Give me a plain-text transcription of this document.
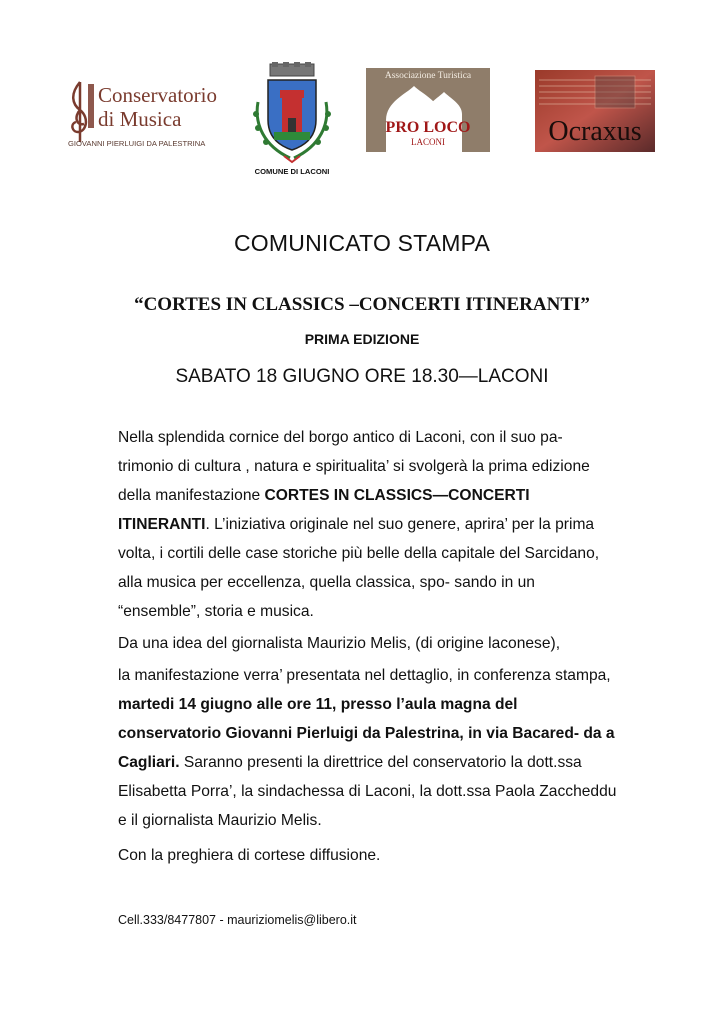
Conservatorio
di Musica
GIOVANNI PIERLUIGI DA PALESTRINA
COMUNE DI LACONI
Associazione Turistica
PRO LOCO
LACONI	Ocraxus
COMUNICATO STAMPA
“CORTES IN CLASSICS –CONCERTI ITINERANTI”
PRIMA EDIZIONE
SABATO 18 GIUGNO ORE 18.30—LACONI

Nella splendida cornice del borgo antico di Laconi, con il suo pa- trimonio di cultura , natura e spiritualita’ si svolgerà la prima edizione della manifestazione CORTES IN CLASSICS—CONCERTI ITINERANTI. L’iniziativa originale nel suo genere, aprira’ per la prima volta, i cortili delle case storiche più belle della capitale del Sarcidano, alla musica per eccellenza, quella classica, spo- sando in un “ensemble”, storia e musica.

Da una idea del giornalista Maurizio Melis, (di origine laconese),

la manifestazione verra’ presentata nel dettaglio, in conferenza stampa, martedi 14 giugno alle ore 11, presso l’aula magna del conservatorio Giovanni Pierluigi da Palestrina, in via Bacared- da a Cagliari. Saranno presenti la direttrice del conservatorio la dott.ssa Elisabetta Porra’, la sindachessa di Laconi, la dott.ssa Paola Zaccheddu e il giornalista Maurizio Melis.

Con la preghiera di cortese diffusione.

Cell.333/8477807 - mauriziomelis@libero.it
